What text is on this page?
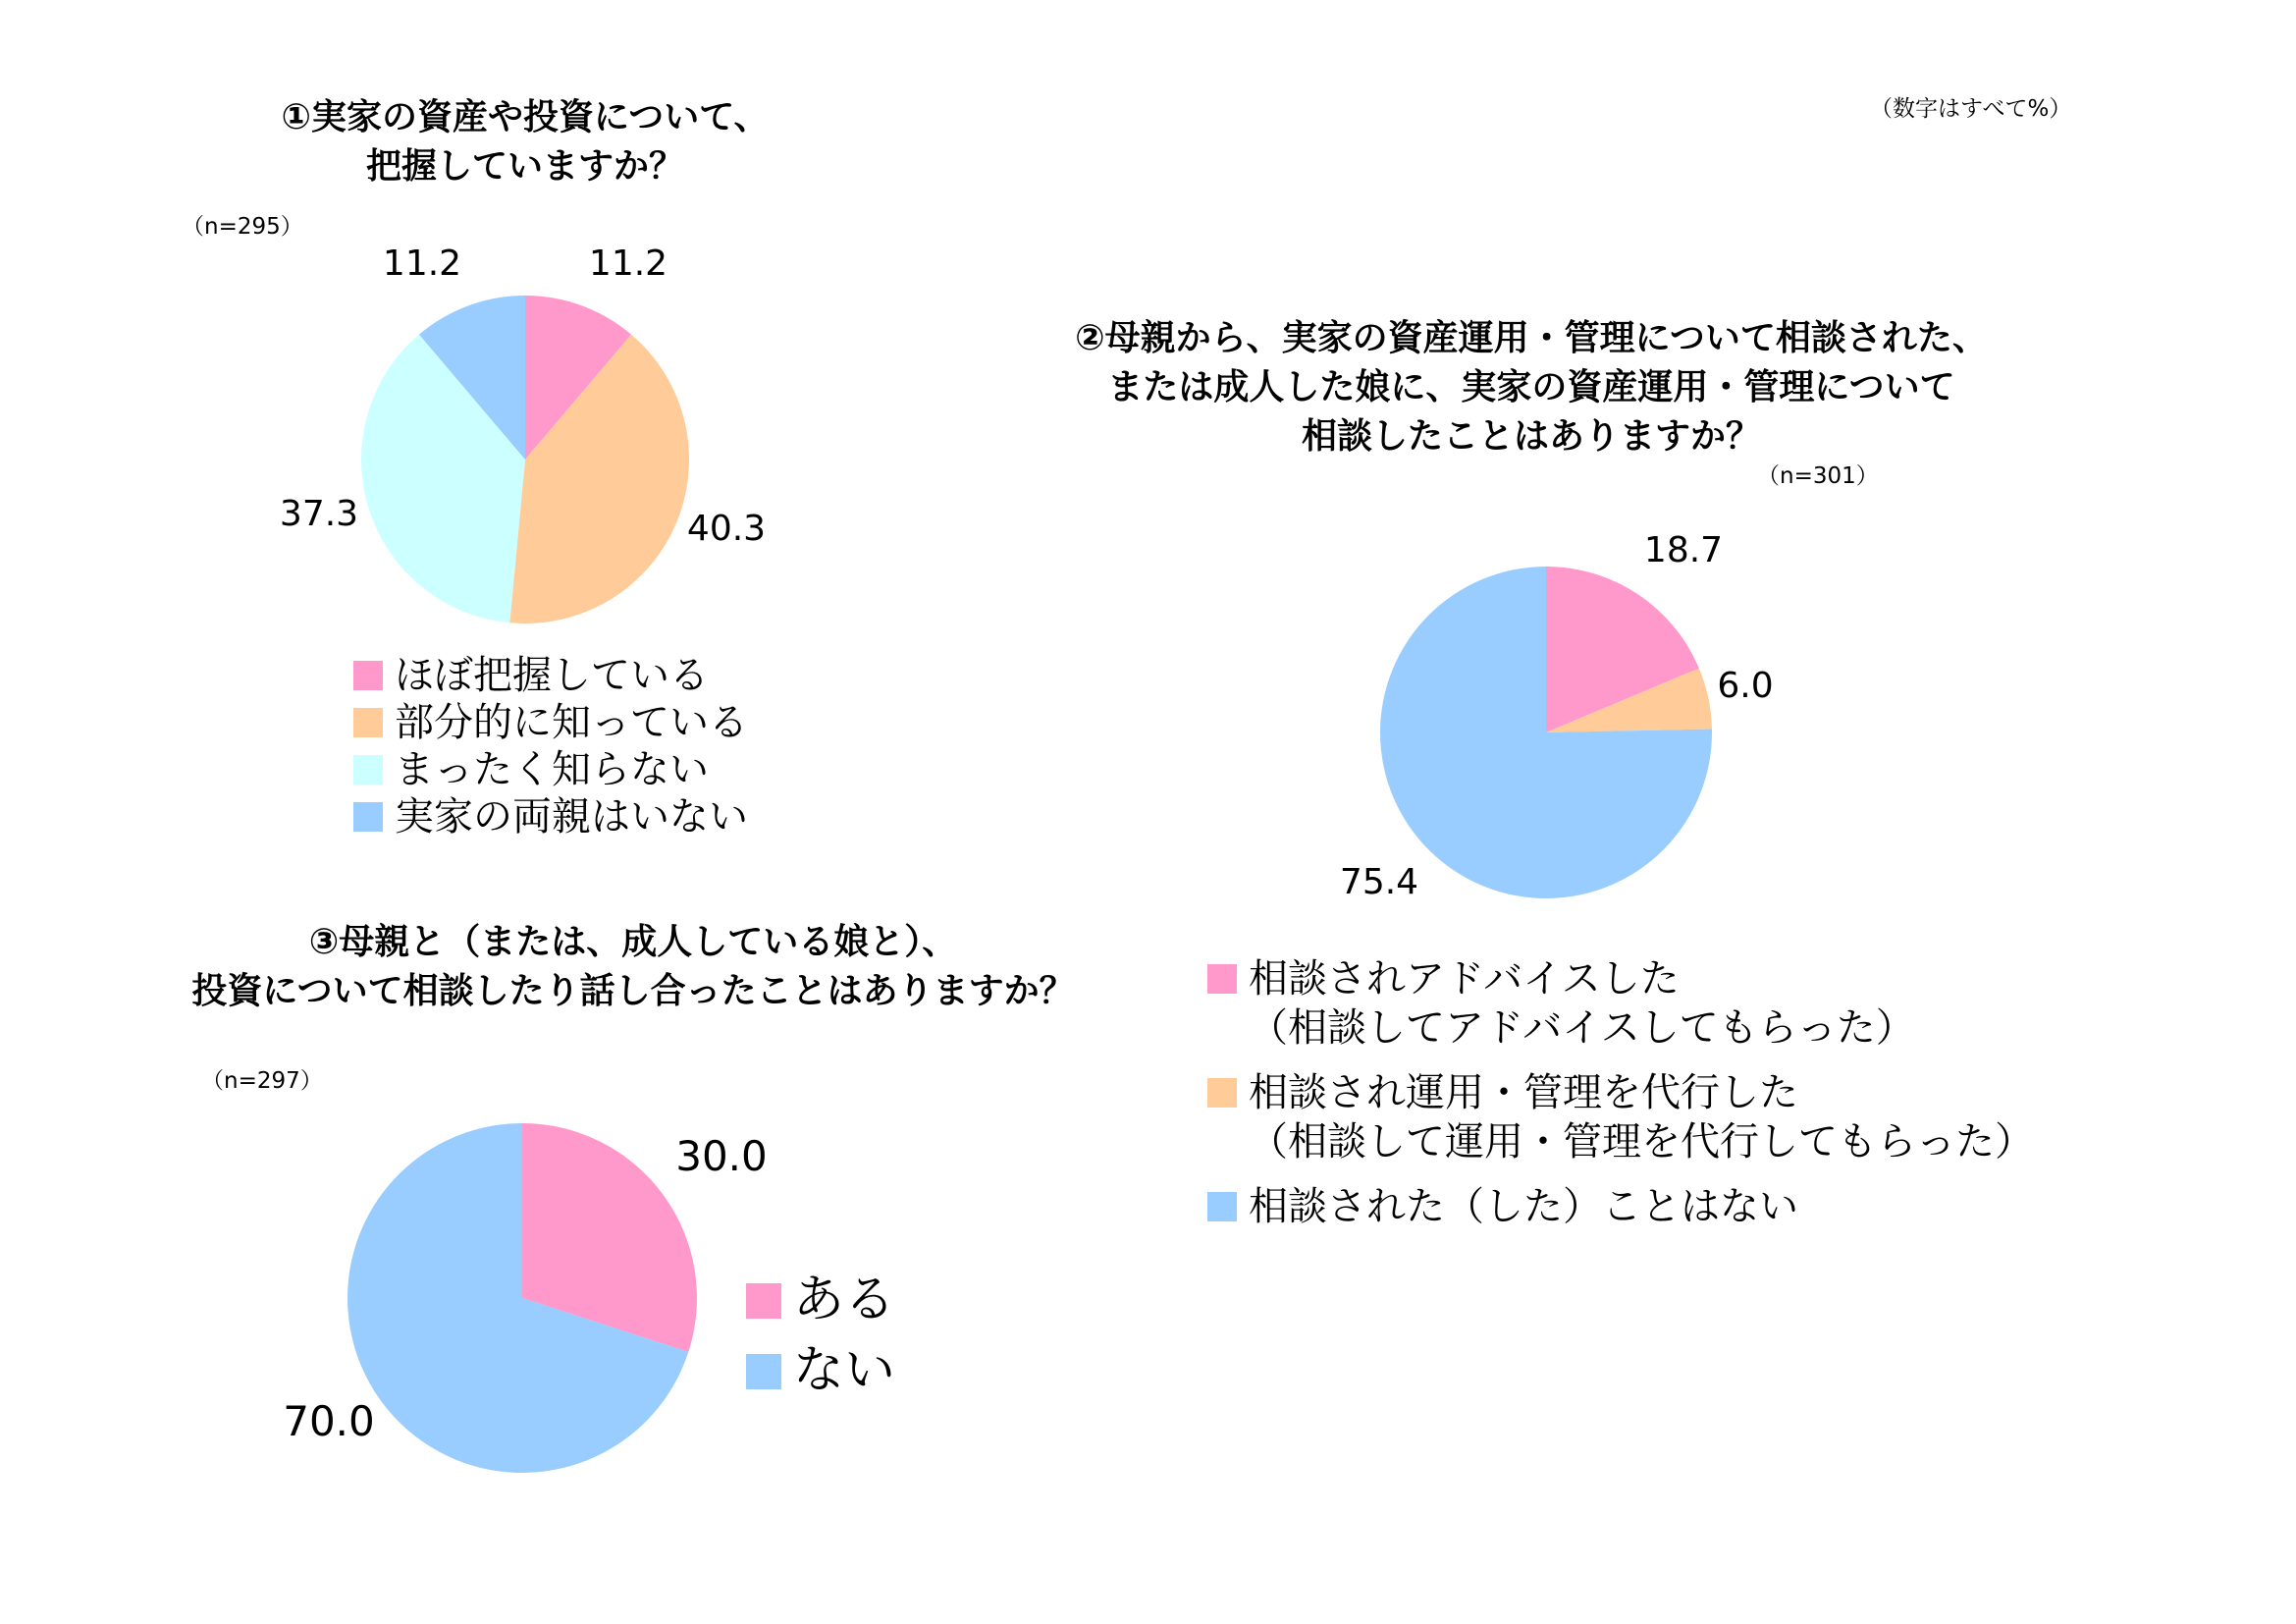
（数字はすべて%）
①実家の資産や投資について、
把握していますか？
（n=295）
11.2
40.3
37.3
11.2
18.7
6.0
75.4
30.0
70.0
ほぼ把握している
部分的に知っている
まったく知らない
実家の両親はいない
②母親から、実家の資産運用・管理について相談された、
または成人した娘に、実家の資産運用・管理について
相談したことはありますか？
（n=301）
相談されアドバイスした
（相談してアドバイスしてもらった）
相談され運用・管理を代行した
（相談して運用・管理を代行してもらった）
相談された（した）ことはない
③母親と（または、成人している娘と）、
投資について相談したり話し合ったことはありますか？
（n=297）
ある
ない
